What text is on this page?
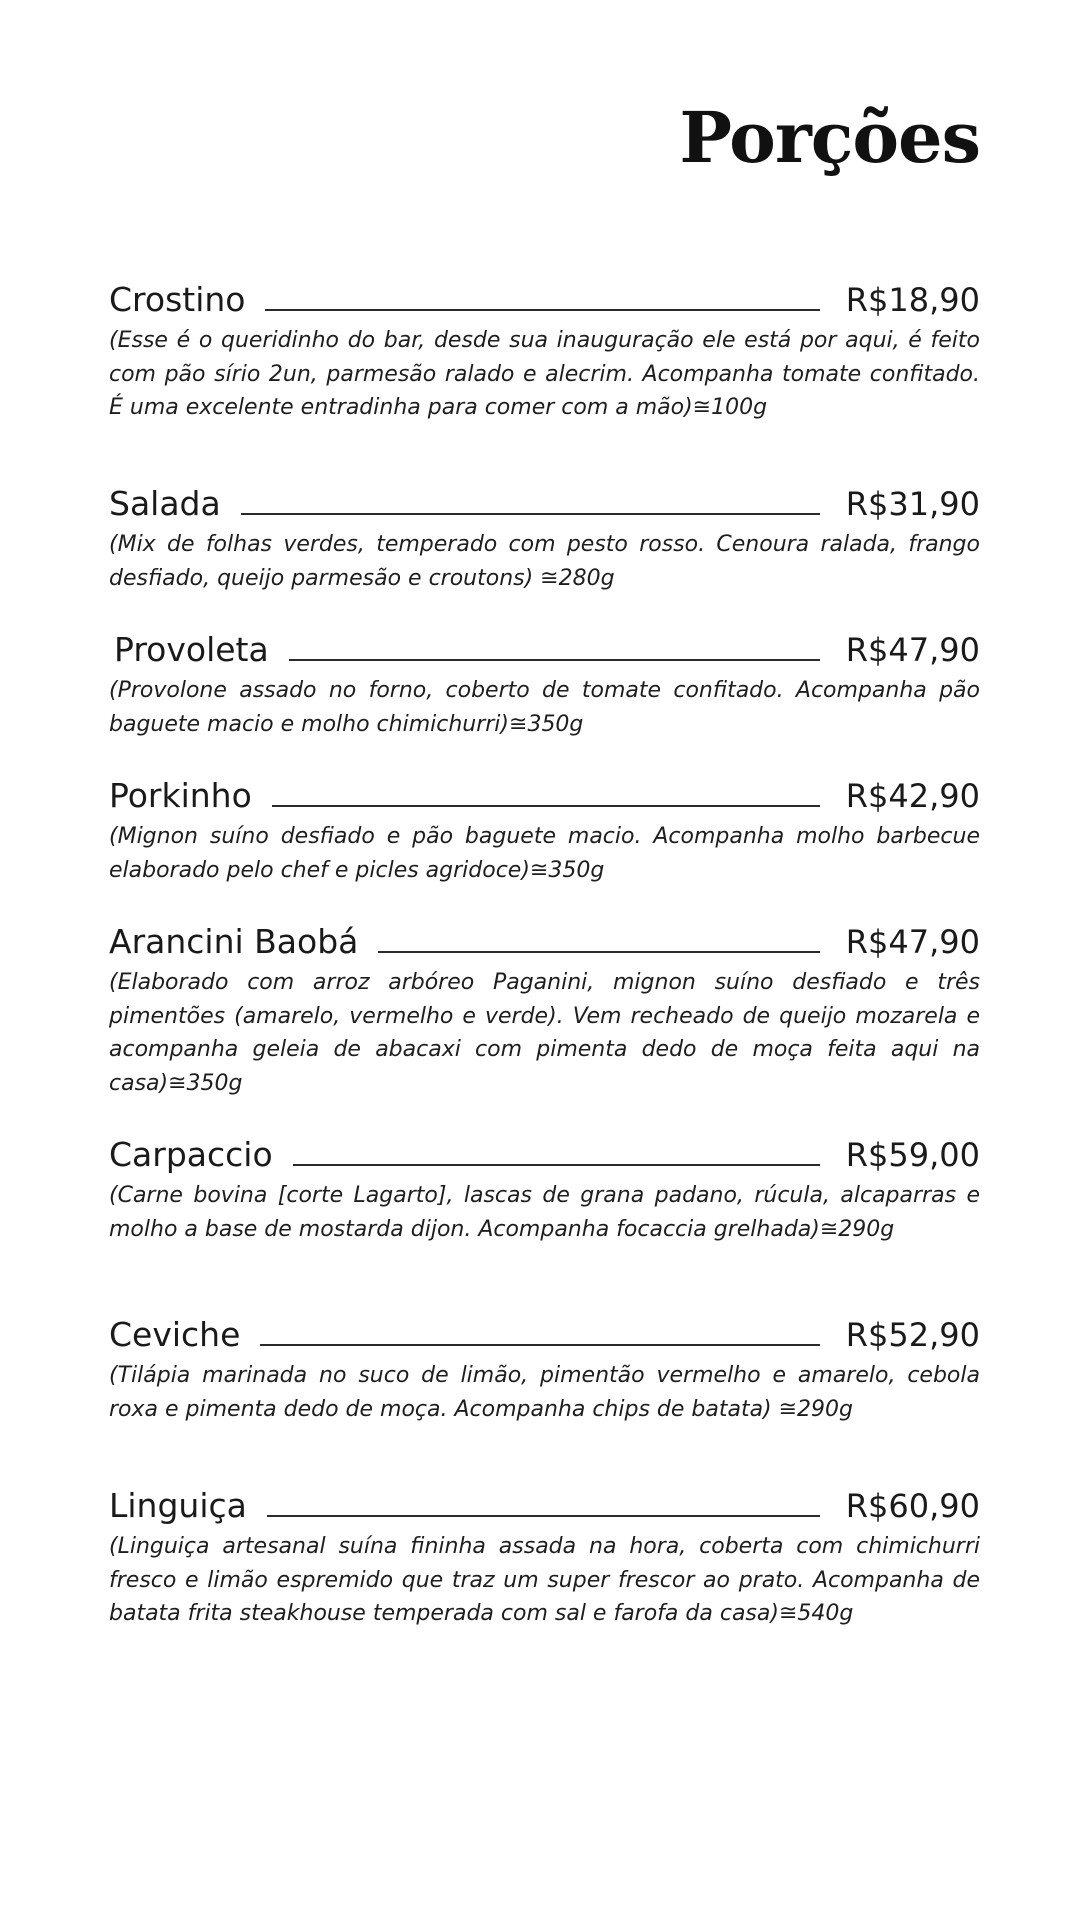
Porções
Crostino	R$18,90
(Esse é o queridinho do bar, desde sua inauguração ele está por aqui, é feito com pão sírio 2un, parmesão ralado e alecrim. Acompanha tomate confitado. É uma excelente entradinha para comer com a mão)≅100g
Salada	R$31,90
(Mix de folhas verdes, temperado com pesto rosso. Cenoura ralada, frango desfiado, queijo parmesão e croutons) ≅280g
Provoleta	R$47,90
(Provolone assado no forno, coberto de tomate confitado. Acompanha pão baguete macio e molho chimichurri)≅350g
Porkinho	R$42,90
(Mignon suíno desfiado e pão baguete macio. Acompanha molho barbecue elaborado pelo chef e picles agridoce)≅350g
Arancini Baobá	R$47,90
(Elaborado com arroz arbóreo Paganini, mignon suíno desfiado e três pimentões (amarelo, vermelho e verde). Vem recheado de queijo mozarela e acompanha geleia de abacaxi com pimenta dedo de moça feita aqui na casa)≅350g
Carpaccio	R$59,00
(Carne bovina [corte Lagarto], lascas de grana padano, rúcula, alcaparras e molho a base de mostarda dijon. Acompanha focaccia grelhada)≅290g
Ceviche	R$52,90
(Tilápia marinada no suco de limão, pimentão vermelho e amarelo, cebola roxa e pimenta dedo de moça. Acompanha chips de batata) ≅290g
Linguiça	R$60,90
(Linguiça artesanal suína fininha assada na hora, coberta com chimichurri fresco e limão espremido que traz um super frescor ao prato. Acompanha de batata frita steakhouse temperada com sal e farofa da casa)≅540g
